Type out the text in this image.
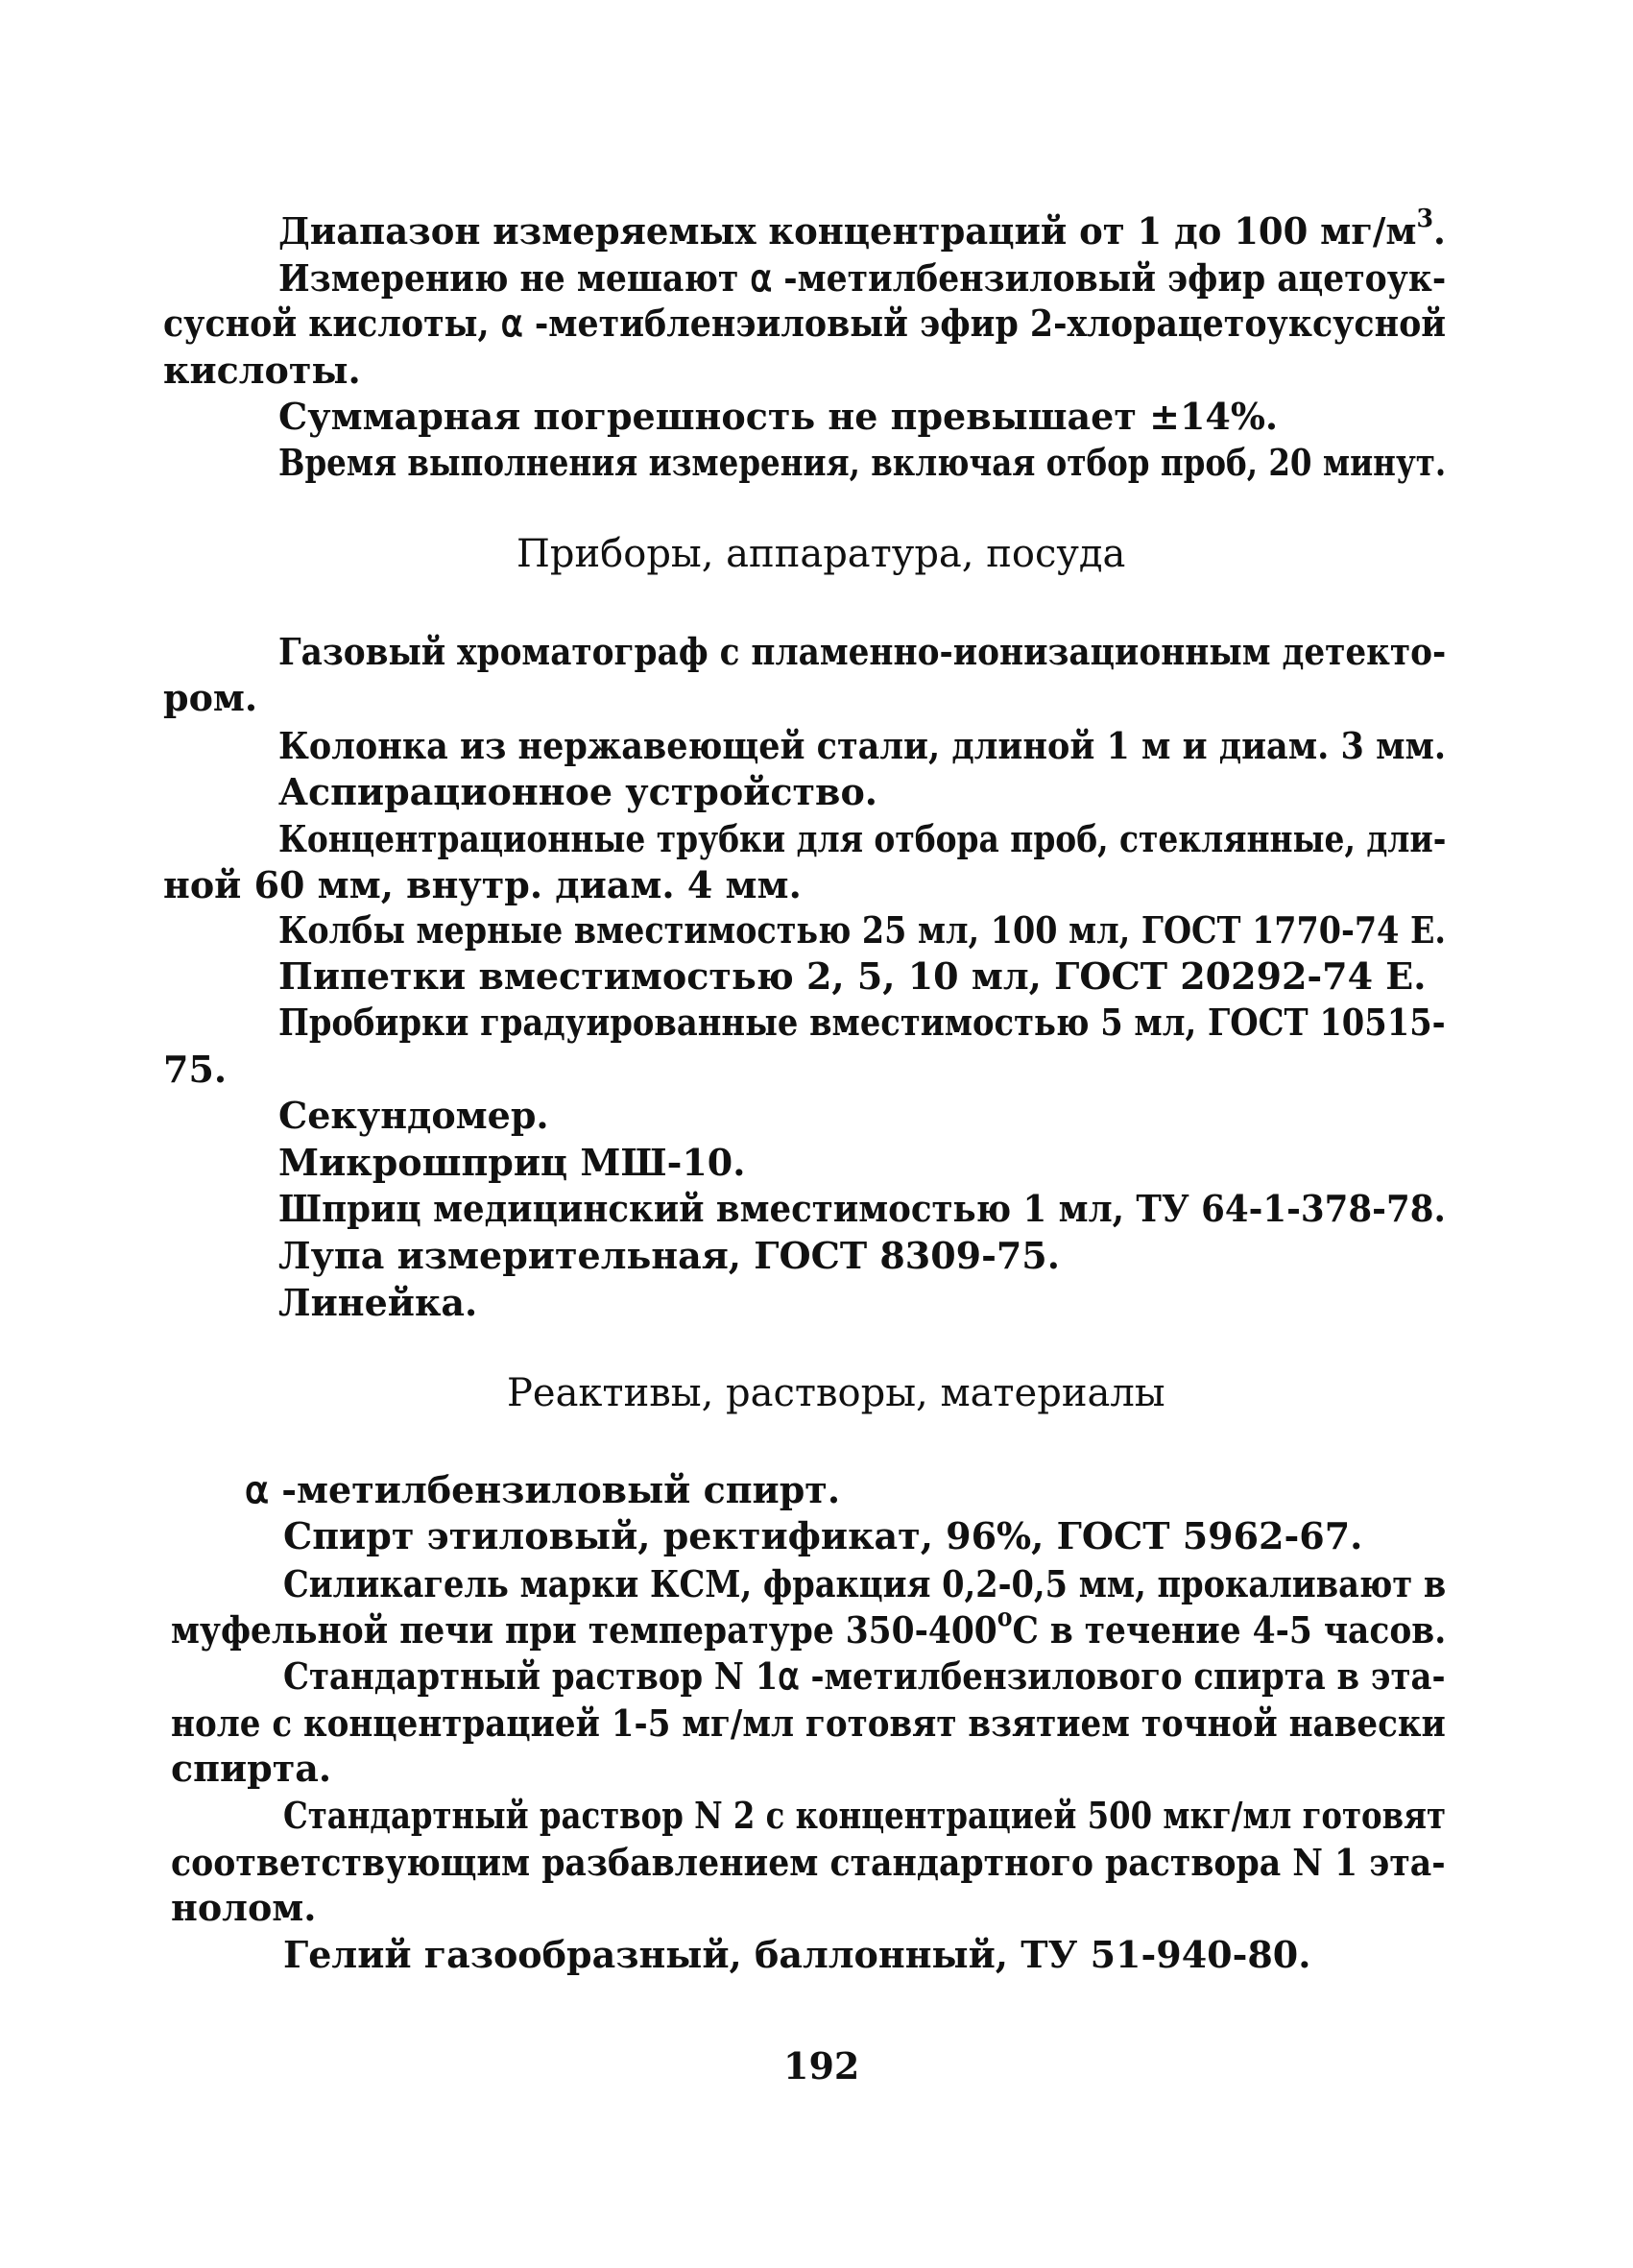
Диапазон измеряемых концентраций от 1 до 100 $мг/м^3$.
Измерению не мешают ⍺ -метилбензиловый эфир ацетоук-
сусной кислоты, ⍺ -метибленэиловый эфир 2-хлорацетоуксусной
кислоты.
Суммарная погрешность не превышает ±14%.
Время выполнения измерения, включая отбор проб, 20 минут.
Приборы, аппаратура, посуда
Газовый хроматограф с пламенно-ионизационным детекто-
ром.
Колонка из нержавеющей стали, длиной 1 м и диам. 3 мм.
Аспирационное устройство.
Концентрационные трубки для отбора проб, стеклянные, дли-
ной 60 мм, внутр. диам. 4 мм.
Колбы мерные вместимостью 25 мл, 100 мл, ГОСТ 1770-74 Е.
Пипетки вместимостью 2, 5, 10 мл, ГОСТ 20292-74 Е.
Пробирки градуированные вместимостью 5 мл, ГОСТ 10515-
75.
Секундомер.
Микрошприц МШ-10.
Шприц медицинский вместимостью 1 мл, ТУ 64-1-378-78.
Лупа измерительная, ГОСТ 8309-75.
Линейка.
Реактивы, растворы, материалы
⍺ -метилбензиловый спирт.
Спирт этиловый, ректификат, 96%, ГОСТ 5962-67.
Силикагель марки КСМ, фракция 0,2-0,5 мм, прокаливают в
муфельной печи при температуре $350-400^оС$ в течение 4-5 часов.
Стандартный раствор N 1⍺ -метилбензилового спирта в эта-
ноле с концентрацией 1-5 мг/мл готовят взятием точной навески
спирта.
Стандартный раствор N 2 с концентрацией 500 мкг/мл готовят
соответствующим разбавлением стандартного раствора N 1 эта-
нолом.
Гелий газообразный, баллонный, ТУ 51-940-80.
192
